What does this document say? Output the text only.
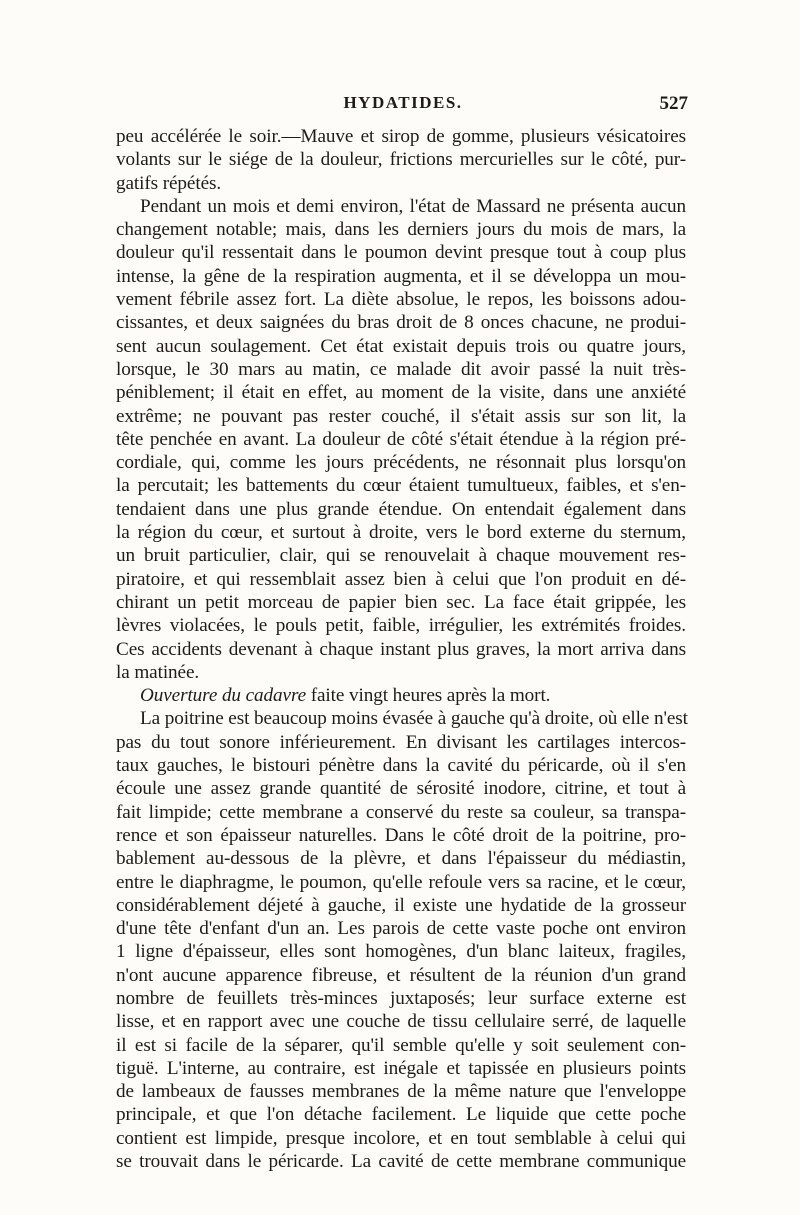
HYDATIDES.	527
peu accélérée le soir.—Mauve et sirop de gomme, plusieurs vésicatoires
volants sur le siége de la douleur, frictions mercurielles sur le côté, pur-
gatifs répétés.
Pendant un mois et demi environ, l'état de Massard ne présenta aucun
changement notable; mais, dans les derniers jours du mois de mars, la
douleur qu'il ressentait dans le poumon devint presque tout à coup plus
intense, la gêne de la respiration augmenta, et il se développa un mou-
vement fébrile assez fort. La diète absolue, le repos, les boissons adou-
cissantes, et deux saignées du bras droit de 8 onces chacune, ne produi-
sent aucun soulagement. Cet état existait depuis trois ou quatre jours,
lorsque, le 30 mars au matin, ce malade dit avoir passé la nuit très-
péniblement; il était en effet, au moment de la visite, dans une anxiété
extrême; ne pouvant pas rester couché, il s'était assis sur son lit, la
tête penchée en avant. La douleur de côté s'était étendue à la région pré-
cordiale, qui, comme les jours précédents, ne résonnait plus lorsqu'on
la percutait; les battements du cœur étaient tumultueux, faibles, et s'en-
tendaient dans une plus grande étendue. On entendait également dans
la région du cœur, et surtout à droite, vers le bord externe du sternum,
un bruit particulier, clair, qui se renouvelait à chaque mouvement res-
piratoire, et qui ressemblait assez bien à celui que l'on produit en dé-
chirant un petit morceau de papier bien sec. La face était grippée, les
lèvres violacées, le pouls petit, faible, irrégulier, les extrémités froides.
Ces accidents devenant à chaque instant plus graves, la mort arriva dans
la matinée.
Ouverture du cadavre faite vingt heures après la mort.
La poitrine est beaucoup moins évasée à gauche qu'à droite, où elle n'est
pas du tout sonore inférieurement. En divisant les cartilages intercos-
taux gauches, le bistouri pénètre dans la cavité du péricarde, où il s'en
écoule une assez grande quantité de sérosité inodore, citrine, et tout à
fait limpide; cette membrane a conservé du reste sa couleur, sa transpa-
rence et son épaisseur naturelles. Dans le côté droit de la poitrine, pro-
bablement au-dessous de la plèvre, et dans l'épaisseur du médiastin,
entre le diaphragme, le poumon, qu'elle refoule vers sa racine, et le cœur,
considérablement déjeté à gauche, il existe une hydatide de la grosseur
d'une tête d'enfant d'un an. Les parois de cette vaste poche ont environ
1 ligne d'épaisseur, elles sont homogènes, d'un blanc laiteux, fragiles,
n'ont aucune apparence fibreuse, et résultent de la réunion d'un grand
nombre de feuillets très-minces juxtaposés; leur surface externe est
lisse, et en rapport avec une couche de tissu cellulaire serré, de laquelle
il est si facile de la séparer, qu'il semble qu'elle y soit seulement con-
tiguë. L'interne, au contraire, est inégale et tapissée en plusieurs points
de lambeaux de fausses membranes de la même nature que l'enveloppe
principale, et que l'on détache facilement. Le liquide que cette poche
contient est limpide, presque incolore, et en tout semblable à celui qui
se trouvait dans le péricarde. La cavité de cette membrane communique
